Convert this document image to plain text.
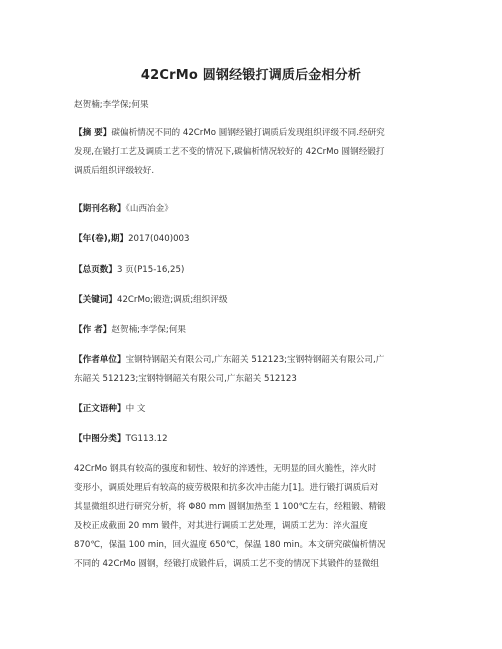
42CrMo 圆钢经锻打调质后金相分析
赵贺楠;李学保;何果
【摘 要】碳偏析情况不同的 42CrMo 圆钢经锻打调质后发现组织评级不同.经研究
发现,在锻打工艺及调质工艺不变的情况下,碳偏析情况较好的 42CrMo 圆钢经锻打
调质后组织评级较好.
【期刊名称】《山西冶金》
【年(卷),期】2017(040)003
【总页数】3 页(P15-16,25)
【关键词】42CrMo;锻造;调质;组织评级
【作 者】赵贺楠;李学保;何果
【作者单位】宝钢特钢韶关有限公司,广东韶关 512123;宝钢特钢韶关有限公司,广
东韶关 512123;宝钢特钢韶关有限公司,广东韶关 512123
【正文语种】中 文
【中图分类】TG113.12
42CrMo 钢具有较高的强度和韧性、较好的淬透性，无明显的回火脆性，淬火时
变形小，调质处理后有较高的疲劳极限和抗多次冲击能力[1]。进行锻打调质后对
其显微组织进行研究分析，将 Φ80 mm 圆钢加热至 1 100℃左右，经粗锻、精锻
及校正成截面 20 mm 锻件，对其进行调质工艺处理，调质工艺为：淬火温度
870℃，保温 100 min，回火温度 650℃，保温 180 min。本文研究碳偏析情况
不同的 42CrMo 圆钢，经锻打成锻件后，调质工艺不变的情况下其锻件的显微组
